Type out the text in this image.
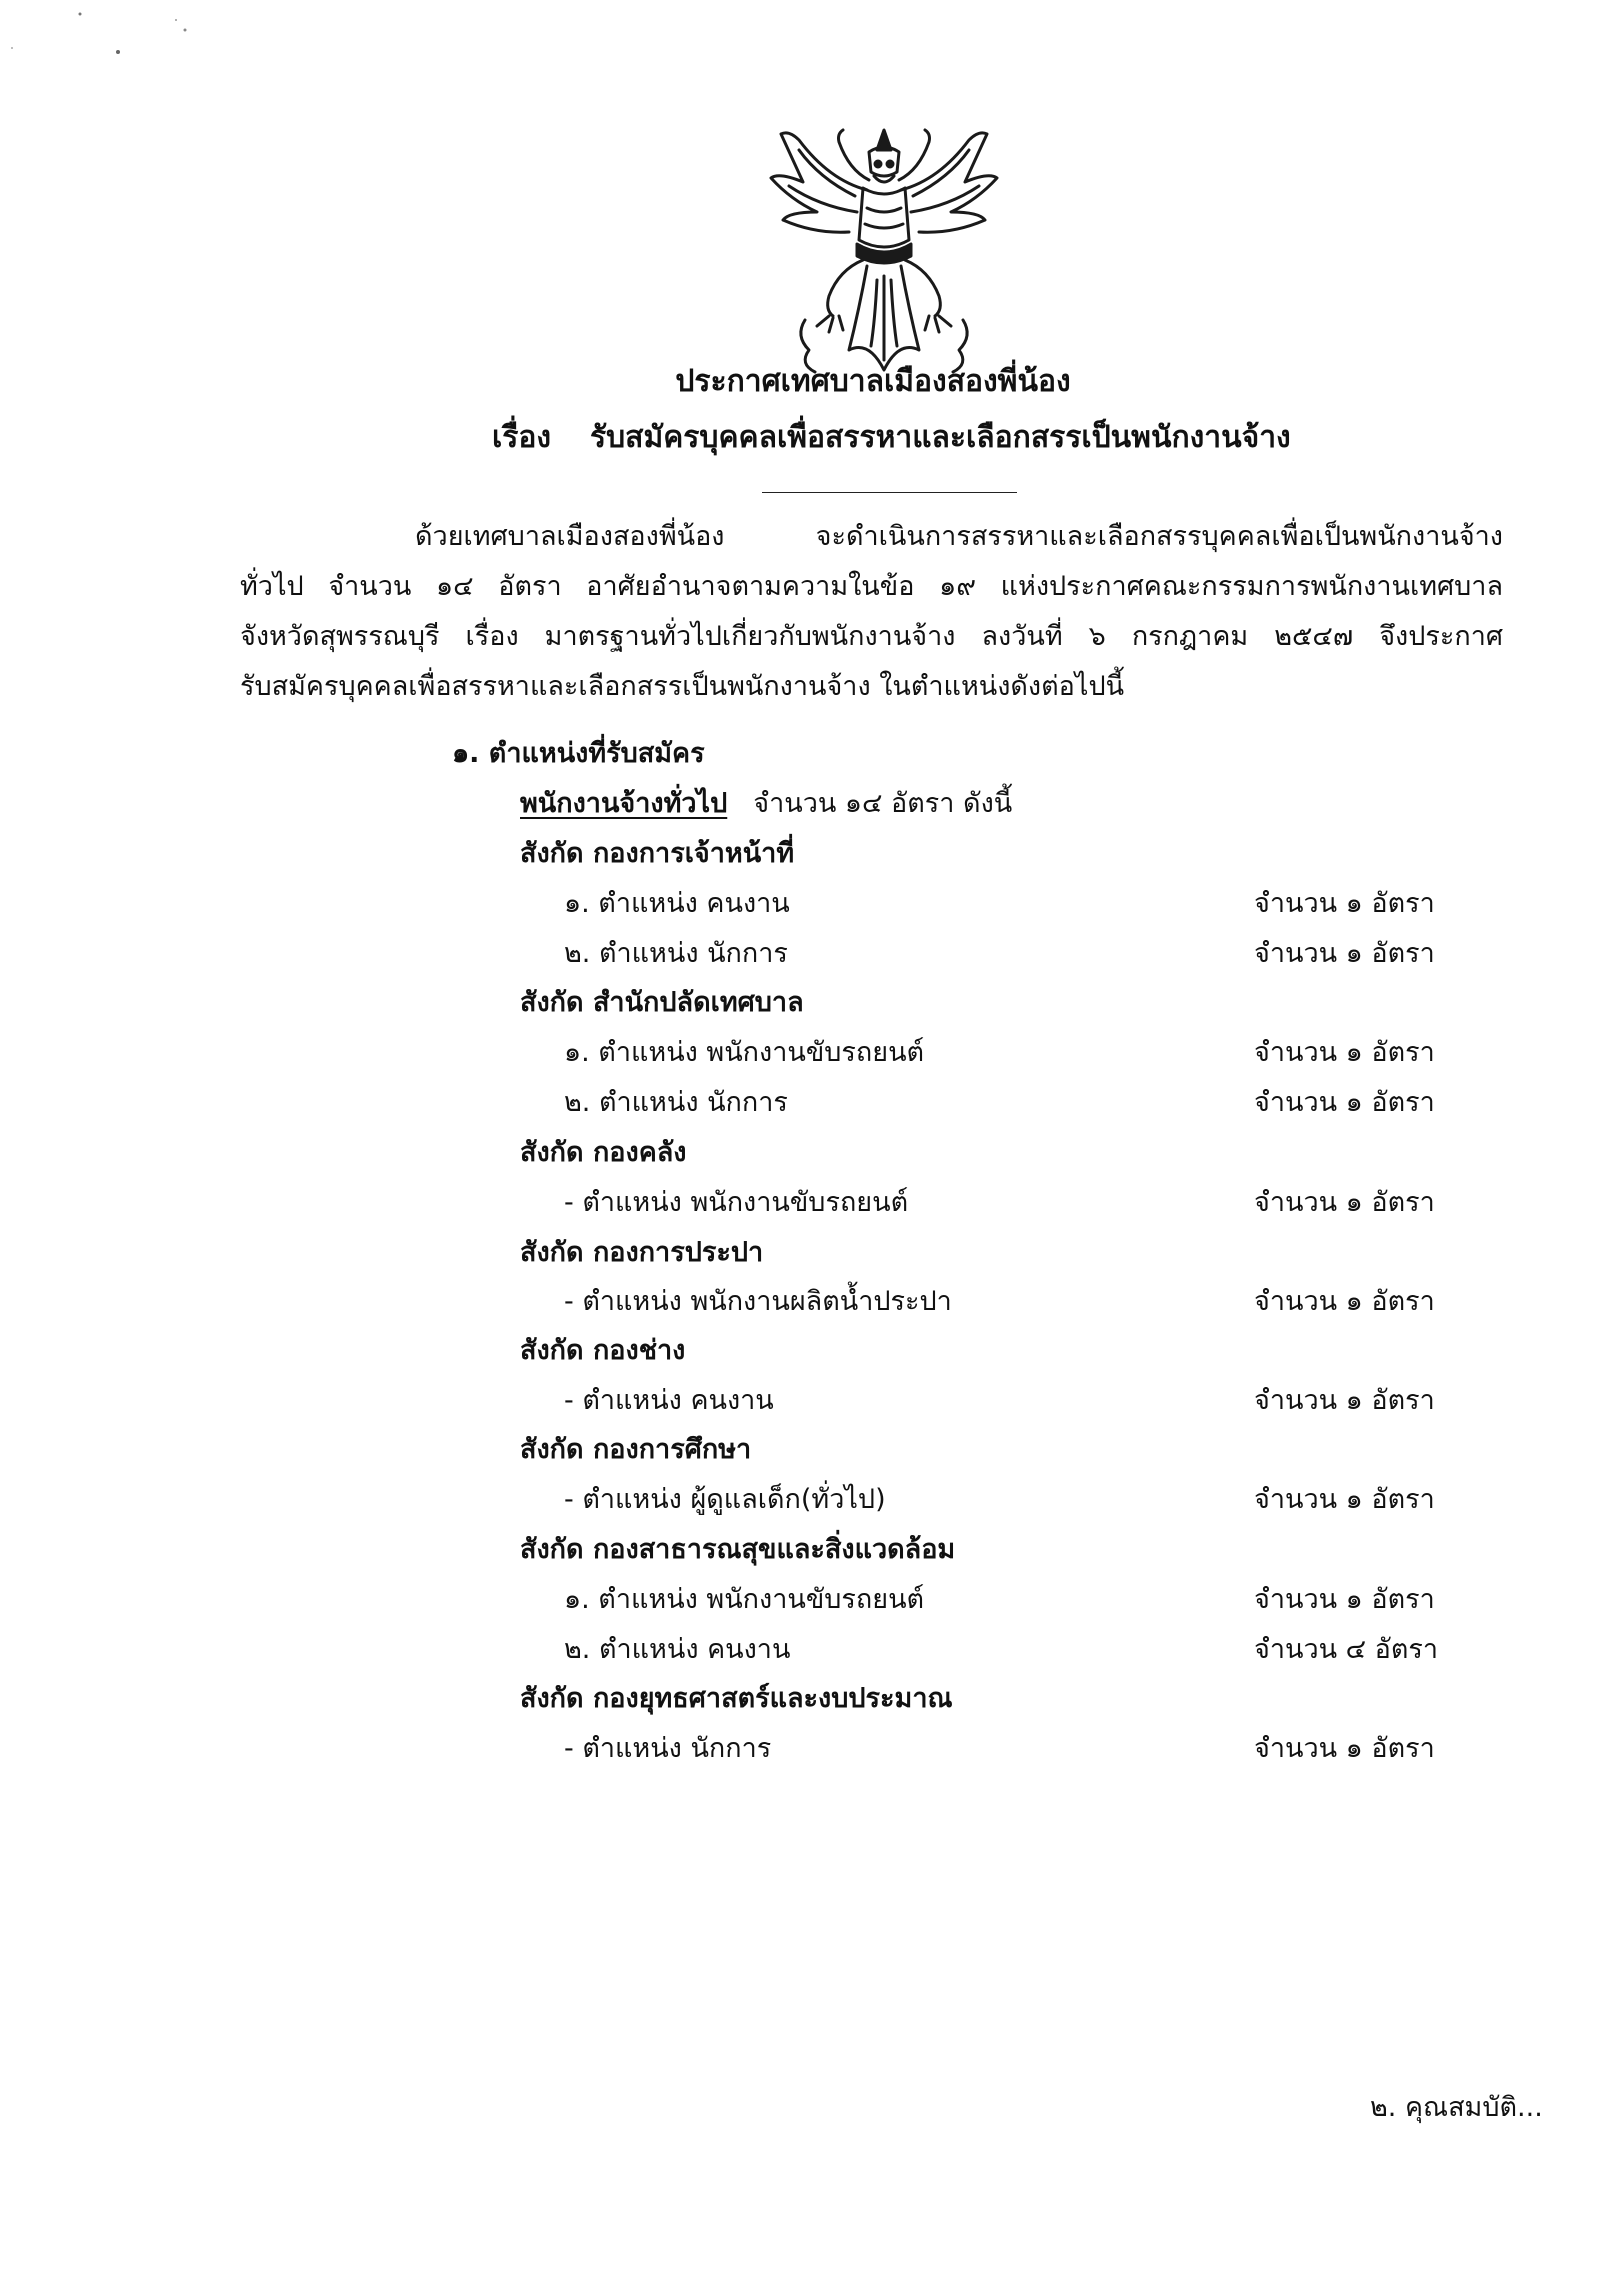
ประกาศเทศบาลเมืองสองพี่น้อง
เรื่อง รับสมัครบุคคลเพื่อสรรหาและเลือกสรรเป็นพนักงานจ้าง
ด้วยเทศบาลเมืองสองพี่น้อง จะดำเนินการสรรหาและเลือกสรรบุคคลเพื่อเป็นพนักงานจ้าง
ทั่วไป จำนวน ๑๔ อัตรา อาศัยอำนาจตามความในข้อ ๑๙ แห่งประกาศคณะกรรมการพนักงานเทศบาล
จังหวัดสุพรรณบุรี เรื่อง มาตรฐานทั่วไปเกี่ยวกับพนักงานจ้าง ลงวันที่ ๖ กรกฎาคม ๒๕๔๗ จึงประกาศ
รับสมัครบุคคลเพื่อสรรหาและเลือกสรรเป็นพนักงานจ้าง ในตำแหน่งดังต่อไปนี้
๑. ตำแหน่งที่รับสมัคร
พนักงานจ้างทั่วไป จำนวน ๑๔ อัตรา ดังนี้
สังกัด กองการเจ้าหน้าที่
๑. ตำแหน่ง คนงาน	จำนวน ๑ อัตรา
๒. ตำแหน่ง นักการ	จำนวน ๑ อัตรา
สังกัด สำนักปลัดเทศบาล
๑. ตำแหน่ง พนักงานขับรถยนต์	จำนวน ๑ อัตรา
๒. ตำแหน่ง นักการ	จำนวน ๑ อัตรา
สังกัด กองคลัง
- ตำแหน่ง พนักงานขับรถยนต์	จำนวน ๑ อัตรา
สังกัด กองการประปา
- ตำแหน่ง พนักงานผลิตน้ำประปา	จำนวน ๑ อัตรา
สังกัด กองช่าง
- ตำแหน่ง คนงาน	จำนวน ๑ อัตรา
สังกัด กองการศึกษา
- ตำแหน่ง ผู้ดูแลเด็ก(ทั่วไป)	จำนวน ๑ อัตรา
สังกัด กองสาธารณสุขและสิ่งแวดล้อม
๑. ตำแหน่ง พนักงานขับรถยนต์	จำนวน ๑ อัตรา
๒. ตำแหน่ง คนงาน	จำนวน ๔ อัตรา
สังกัด กองยุทธศาสตร์และงบประมาณ
- ตำแหน่ง นักการ	จำนวน ๑ อัตรา
๒. คุณสมบัติ...
